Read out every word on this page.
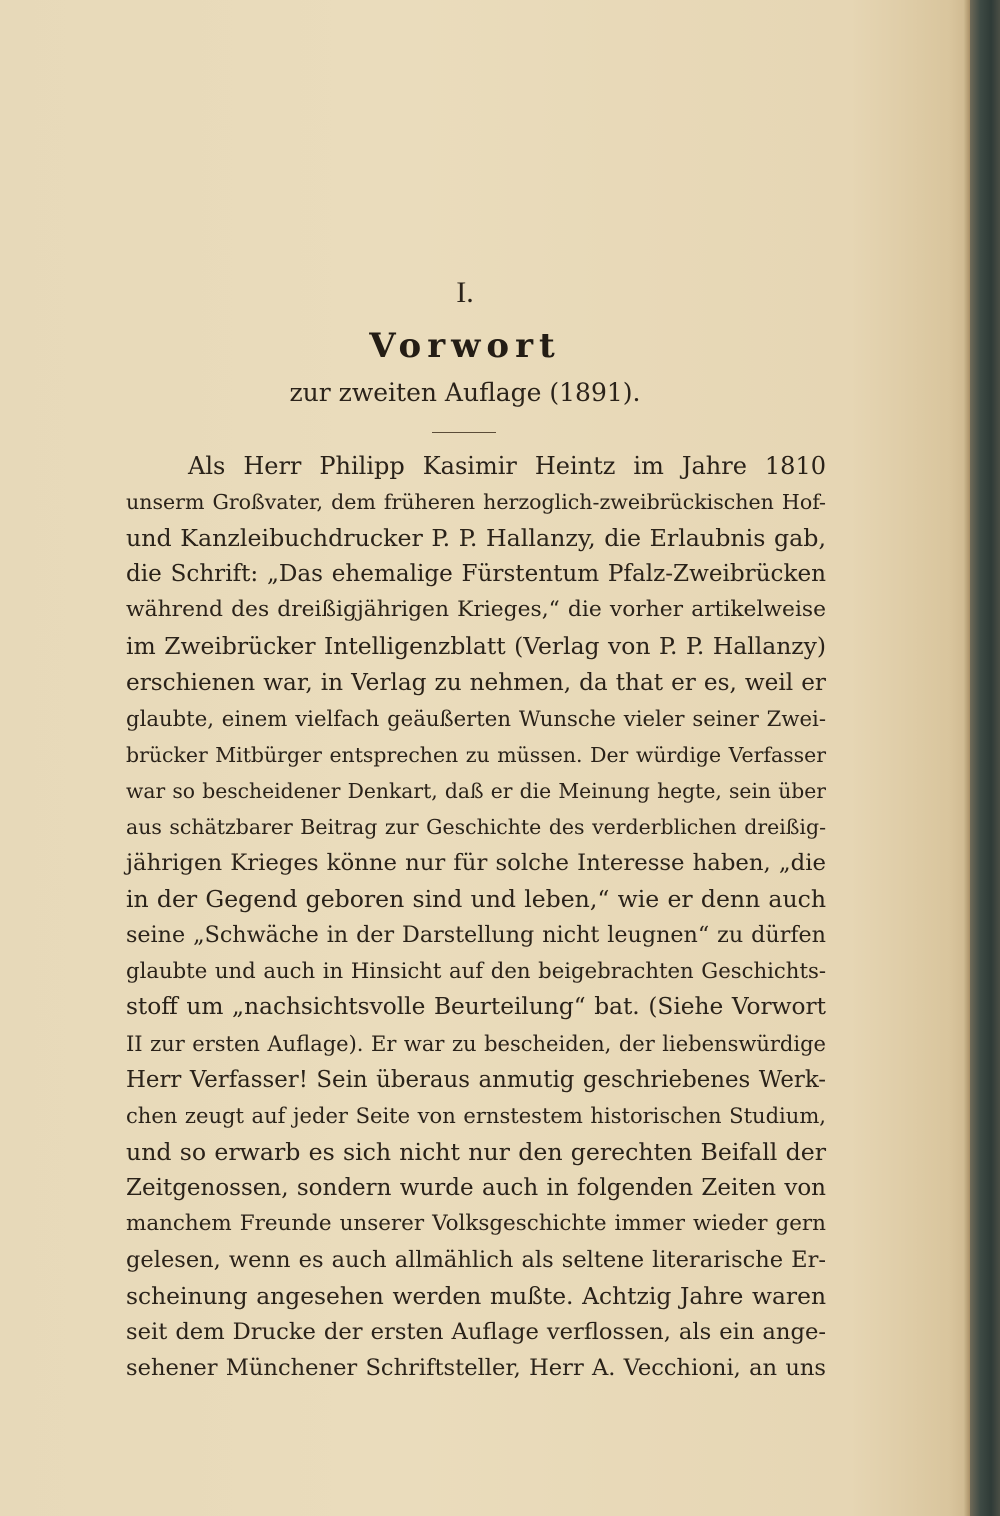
I.
Vorwort
zur zweiten Auflage (1891).
Als Herr Philipp Kasimir Heintz im Jahre 1810
unserm Großvater, dem früheren herzoglich-zweibrückischen Hof-
und Kanzleibuchdrucker P. P. Hallanzy, die Erlaubnis gab,
die Schrift: „Das ehemalige Fürstentum Pfalz-Zweibrücken
während des dreißigjährigen Krieges,“ die vorher artikelweise
im Zweibrücker Intelligenzblatt (Verlag von P. P. Hallanzy)
erschienen war, in Verlag zu nehmen, da that er es, weil er
glaubte, einem vielfach geäußerten Wunsche vieler seiner Zwei-
brücker Mitbürger entsprechen zu müssen. Der würdige Verfasser
war so bescheidener Denkart, daß er die Meinung hegte, sein über
aus schätzbarer Beitrag zur Geschichte des verderblichen dreißig-
jährigen Krieges könne nur für solche Interesse haben, „die
in der Gegend geboren sind und leben,“ wie er denn auch
seine „Schwäche in der Darstellung nicht leugnen“ zu dürfen
glaubte und auch in Hinsicht auf den beigebrachten Geschichts-
stoff um „nachsichtsvolle Beurteilung“ bat. (Siehe Vorwort
II zur ersten Auflage). Er war zu bescheiden, der liebenswürdige
Herr Verfasser! Sein überaus anmutig geschriebenes Werk-
chen zeugt auf jeder Seite von ernstestem historischen Studium,
und so erwarb es sich nicht nur den gerechten Beifall der
Zeitgenossen, sondern wurde auch in folgenden Zeiten von
manchem Freunde unserer Volksgeschichte immer wieder gern
gelesen, wenn es auch allmählich als seltene literarische Er-
scheinung angesehen werden mußte. Achtzig Jahre waren
seit dem Drucke der ersten Auflage verflossen, als ein ange-
sehener Münchener Schriftsteller, Herr A. Vecchioni, an uns
